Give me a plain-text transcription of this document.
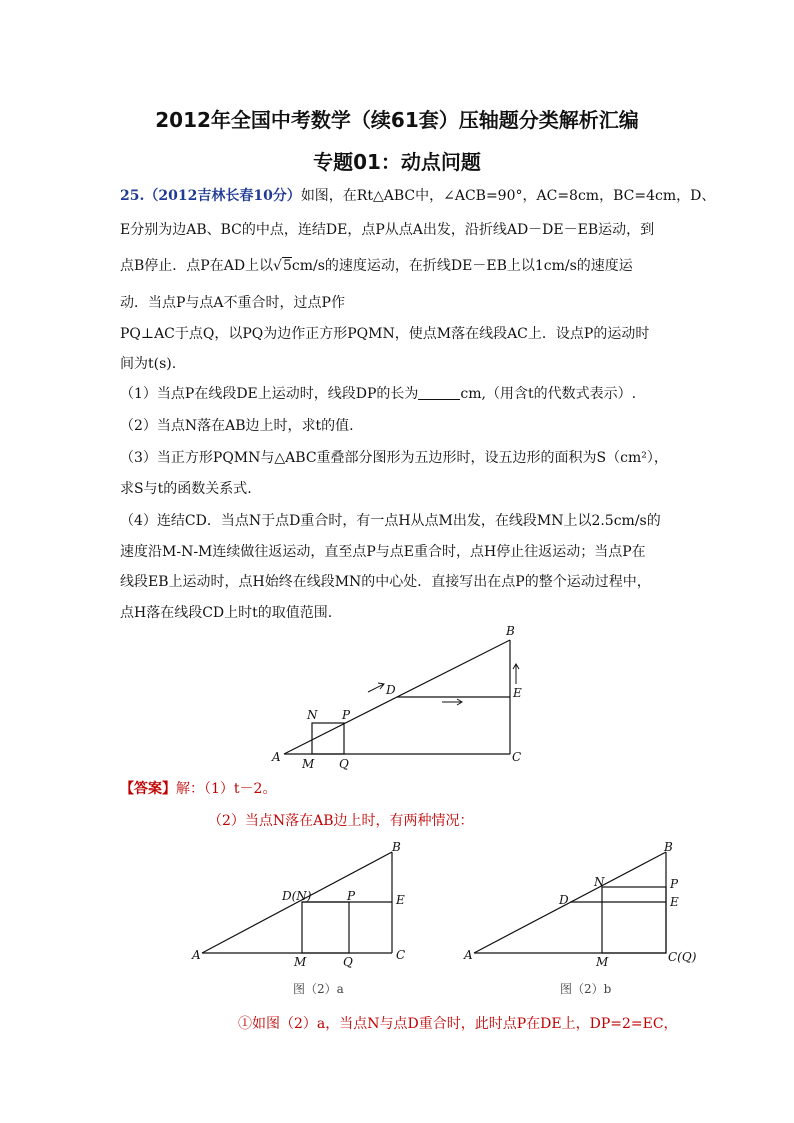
2012年全国中考数学（续61套）压轴题分类解析汇编
专题01：动点问题
25.（2012吉林长春10分）如图，在Rt△ABC中，∠ACB=90°，AC=8cm，BC=4cm，D、
E分别为边AB、BC的中点，连结DE，点P从点A出发，沿折线AD－DE－EB运动，到
点B停止．点P在AD上以√5cm/s的速度运动，在折线DE－EB上以1cm/s的速度运
动．当点P与点A不重合时，过点P作
PQ⊥AC于点Q，以PQ为边作正方形PQMN，使点M落在线段AC上．设点P的运动时
间为t(s).
（1）当点P在线段DE上运动时，线段DP的长为	cm,（用含t的代数式表示）.
（2）当点N落在AB边上时，求t的值.
（3）当正方形PQMN与△ABC重叠部分图形为五边形时，设五边形的面积为S（cm²），
求S与t的函数关系式.
（4）连结CD．当点N于点D重合时，有一点H从点M出发，在线段MN上以2.5cm/s的
速度沿M-N-M连续做往返运动，直至点P与点E重合时，点H停止往返运动；当点P在
线段EB上运动时，点H始终在线段MN的中心处．直接写出在点P的整个运动过程中，
点H落在线段CD上时t的取值范围.
A
B
C
D	E
N P
M Q
【答案】解：（1）t－2。
（2）当点N落在AB边上时，有两种情况：
A
B
C
D(N)	P	E
M	Q
图（2）a
A
B
C(Q)
D
N	P
E
M
图（2）b
①如图（2）a，当点N与点D重合时，此时点P在DE上，DP=2=EC，
